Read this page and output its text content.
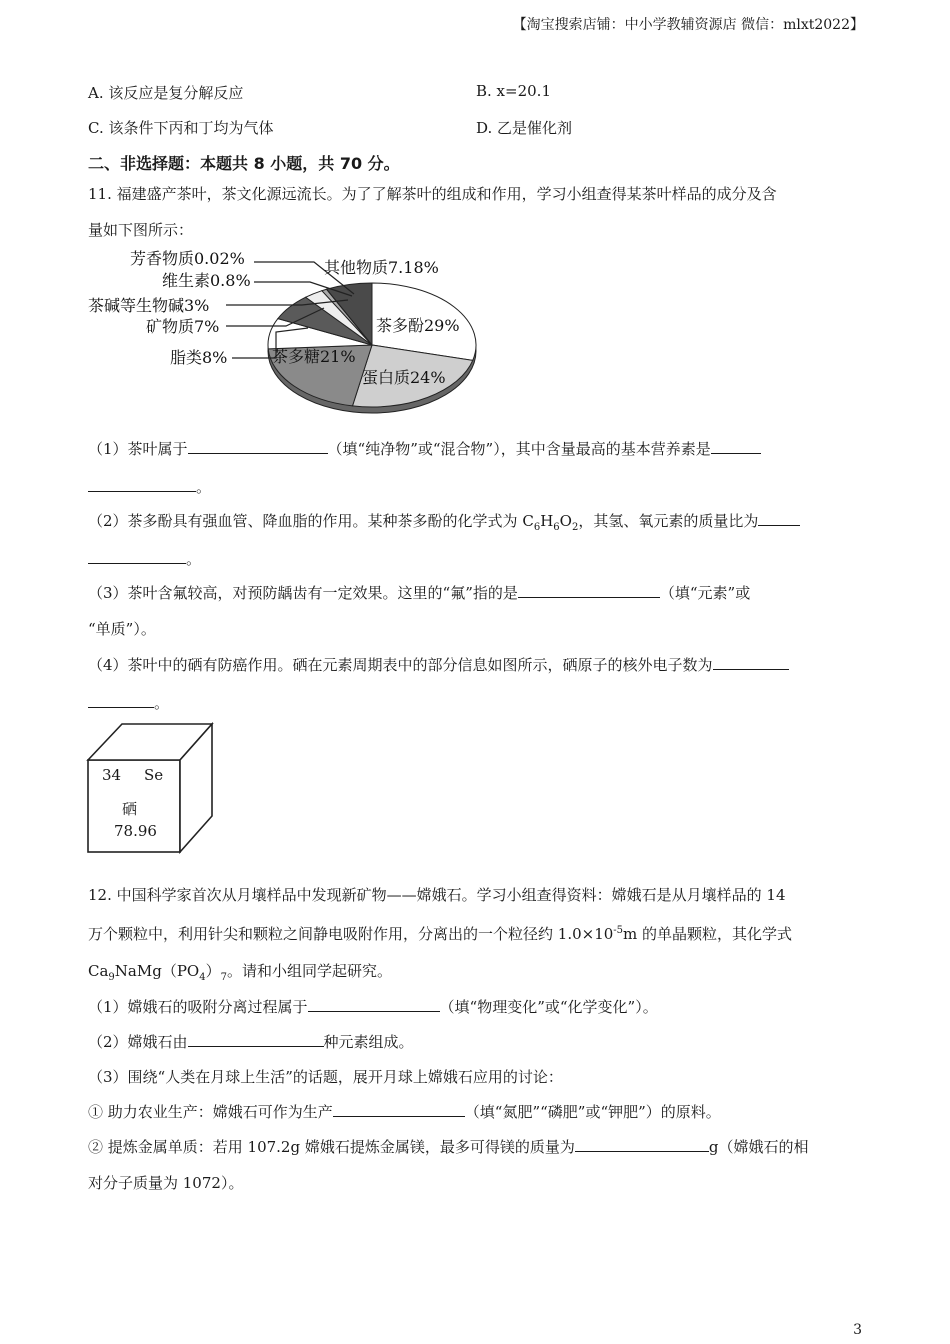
【淘宝搜索店铺：中小学教辅资源店 微信：mlxt2022】
A. 该反应是复分解反应	B. x=20.1
C. 该条件下丙和丁均为气体	D. 乙是催化剂
二、非选择题：本题共 8 小题，共 70 分。
11. 福建盛产茶叶，茶文化源远流长。为了了解茶叶的组成和作用，学习小组查得某茶叶样品的成分及含
量如下图所示：
茶多酚29%
蛋白质24%
茶多糖21%
脂类8%
矿物质7%
茶碱等生物碱3%
维生素0.8%
芳香物质0.02%	其他物质7.18%
（1）茶叶属于	（填“纯净物”或“混合物”），其中含量最高的基本营养素是
。
（2）茶多酚具有强血管、降血脂的作用。某种茶多酚的化学式为 $C_6H_6O_2$，其氢、氧元素的质量比为
。
（3）茶叶含氟较高，对预防龋齿有一定效果。这里的“氟”指的是	（填“元素”或
“单质”）。
（4）茶叶中的硒有防癌作用。硒在元素周期表中的部分信息如图所示，硒原子的核外电子数为
。
34 Se
硒
78.96
12. 中国科学家首次从月壤样品中发现新矿物——嫦娥石。学习小组查得资料：嫦娥石是从月壤样品的 14
万个颗粒中，利用针尖和颗粒之间静电吸附作用，分离出的一个粒径约 $1.0\times 10^{-5}m$ 的单晶颗粒，其化学式
$Ca_9NaMg(PO_4)_7$。请和小组同学起研究。
（1）嫦娥石的吸附分离过程属于	（填“物理变化”或“化学变化”）。
（2）嫦娥石由	种元素组成。
（3）围绕“人类在月球上生活”的话题，展开月球上嫦娥石应用的讨论：
① 助力农业生产：嫦娥石可作为生产	（填“氮肥”“磷肥”或“钾肥”）的原料。
② 提炼金属单质：若用 107.2g 嫦娥石提炼金属镁，最多可得镁的质量为	g（嫦娥石的相
对分子质量为 1072）。
3
